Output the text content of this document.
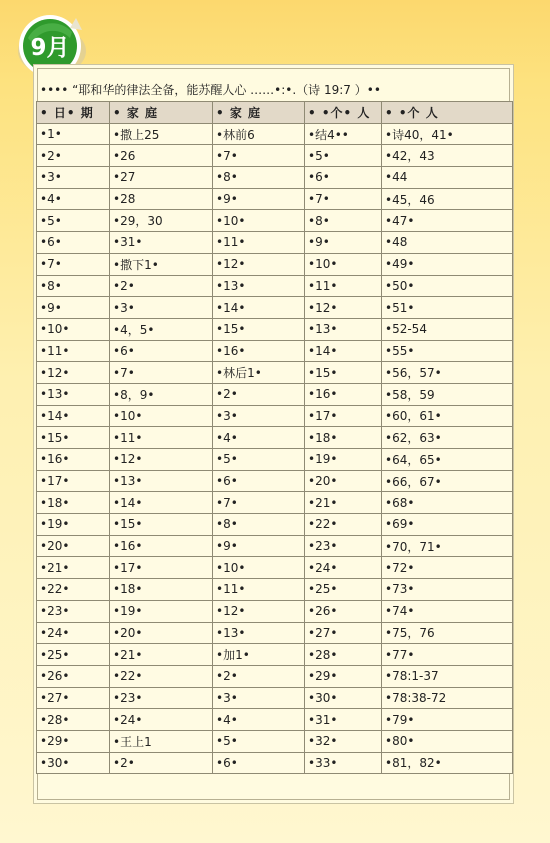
9月
•••• “耶和华的律法全备，能苏醒人心 ……•:•.（诗 19:7 ）••
• 日• 期	• 家 庭	• 家 庭	• •个• 人	• •个 人
•1•	•撒上25	•林前6	•结4••	•诗40，41•
•2•	•26	•7•	•5•	•42，43
•3•	•27	•8•	•6•	•44
•4•	•28	•9•	•7•	•45，46
•5•	•29，30	•10•	•8•	•47•
•6•	•31•	•11•	•9•	•48
•7•	•撒下1•	•12•	•10•	•49•
•8•	•2•	•13•	•11•	•50•
•9•	•3•	•14•	•12•	•51•
•10•	•4，5•	•15•	•13•	•52-54
•11•	•6•	•16•	•14•	•55•
•12•	•7•	•林后1•	•15•	•56，57•
•13•	•8，9•	•2•	•16•	•58，59
•14•	•10•	•3•	•17•	•60，61•
•15•	•11•	•4•	•18•	•62，63•
•16•	•12•	•5•	•19•	•64，65•
•17•	•13•	•6•	•20•	•66，67•
•18•	•14•	•7•	•21•	•68•
•19•	•15•	•8•	•22•	•69•
•20•	•16•	•9•	•23•	•70，71•
•21•	•17•	•10•	•24•	•72•
•22•	•18•	•11•	•25•	•73•
•23•	•19•	•12•	•26•	•74•
•24•	•20•	•13•	•27•	•75，76
•25•	•21•	•加1•	•28•	•77•
•26•	•22•	•2•	•29•	•78:1-37
•27•	•23•	•3•	•30•	•78:38-72
•28•	•24•	•4•	•31•	•79•
•29•	•王上1	•5•	•32•	•80•
•30•	•2•	•6•	•33•	•81，82•
